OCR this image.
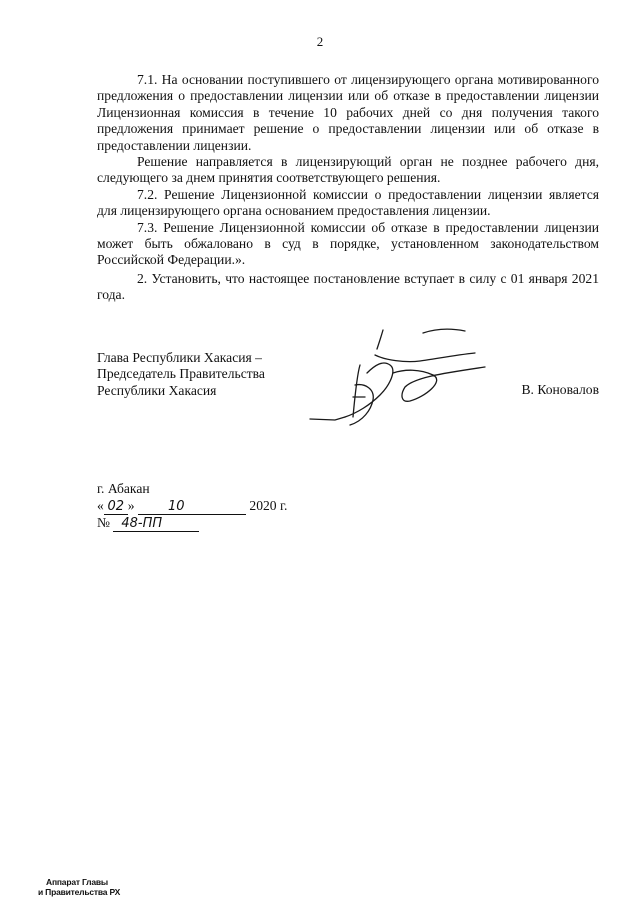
2

7.1. На основании поступившего от лицензирующего органа мотивированного предложения о предоставлении лицензии или об отказе в предоставлении лицензии Лицензионная комиссия в течение 10 рабочих дней со дня получения такого предложения принимает решение о предоставлении лицензии или об отказе в предоставлении лицензии.

Решение направляется в лицензирующий орган не позднее рабочего дня, следующего за днем принятия соответствующего решения.

7.2. Решение Лицензионной комиссии о предоставлении лицензии является для лицензирующего органа основанием предоставления лицензии.

7.3. Решение Лицензионной комиссии об отказе в предоставлении лицензии может быть обжаловано в суд в порядке, установленном законодательством Российской Федерации.».

2. Установить, что настоящее постановление вступает в силу с 01 января 2021 года.

Глава Республики Хакасия –
Председатель Правительства
Республики Хакасия	В. Коновалов
г. Абакан
« 02 »	10	2020 г.
№ 48-ПП
Аппарат Главы
и Правительства РХ
